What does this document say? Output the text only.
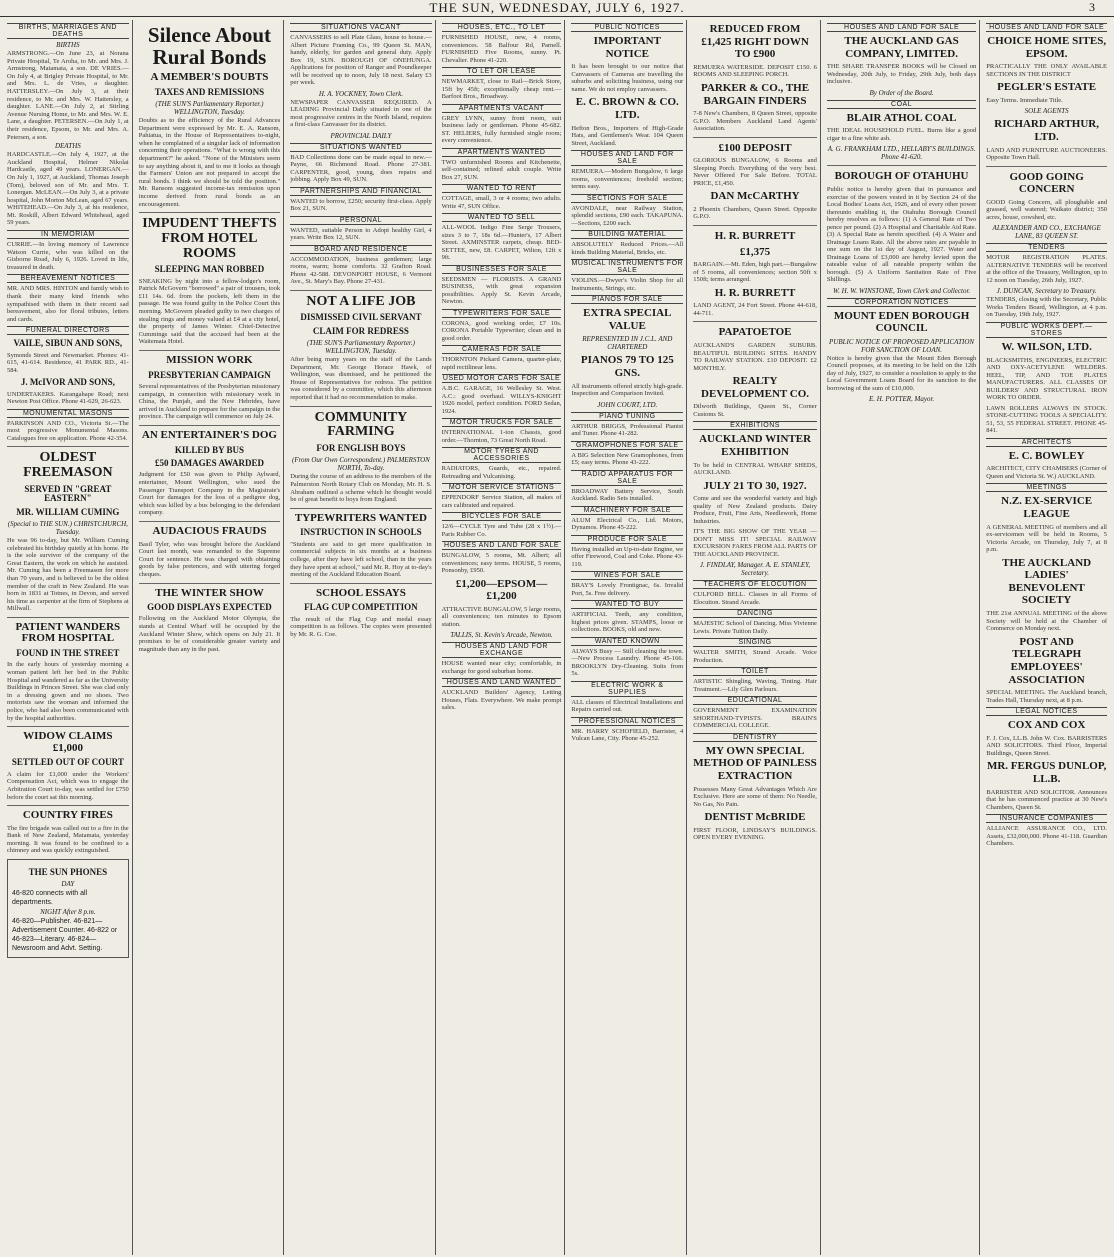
THE SUN, WEDNESDAY, JULY 6, 1927.	3
BIRTHS, MARRIAGES AND DEATHS
BIRTHS
ARMSTRONG.—On June 23, at Norana Private Hospital, Te Aroha, to Mr. and Mrs. J. Armstrong, Matamata, a son. DE VRIES.—On July 4, at Brigley Private Hospital, to Mr. and Mrs. L. de Vries, a daughter. HATTERSLEY.—On July 3, at their residence, to Mr. and Mrs. W. Hattersley, a daughter. LANE.—On July 2, at Stirling Avenue Nursing Home, to Mr. and Mrs. W. E. Lane, a daughter. PETERSEN.—On July 1, at their residence, Epsom, to Mr. and Mrs. A. Petersen, a son.
DEATHS
HARDCASTLE.—On July 4, 1927, at the Auckland Hospital, Helmer Nikolai Hardcastle, aged 49 years. LONERGAN.—On July 1, 1927, at Auckland, Thomas Joseph (Tom), beloved son of Mr. and Mrs. T. Lonergan. McLEAN.—On July 3, at a private hospital, John Morton McLean, aged 67 years. WHITEHEAD.—On July 3, at his residence, Mt. Roskill, Albert Edward Whitehead, aged 59 years.
IN MEMORIAM
CURRIE.—In loving memory of Lawrence Watson Currie, who was killed on the Gisborne Road, July 6, 1926. Loved in life, treasured in death.
BEREAVEMENT NOTICES
MR. AND MRS. HINTON and family wish to thank their many kind friends who sympathised with them in their recent sad bereavement, also for floral tributes, letters and cards.
FUNERAL DIRECTORS
VAILE, SIBUN AND SONS,
Symonds Street and Newmarket. Phones: 41-615, 41-614. Residence, 41 PARK RD., 41-584.
J. McIVOR AND SONS,
UNDERTAKERS. Karangahape Road; next Newton Post Office. Phone 41-629, 26-623.
MONUMENTAL MASONS
PARKINSON AND CO., Victoria St.—The most progressive Monumental Masons. Catalogues free on application. Phone 42-354.
OLDEST FREEMASON
SERVED IN "GREAT EASTERN"
MR. WILLIAM CUMING
(Special to THE SUN.) CHRISTCHURCH, Tuesday.
He was 96 to-day, but Mr. William Cuming celebrated his birthday quietly at his home. He is the sole survivor of the company of the Great Eastern, the work on which he assisted. Mr. Cuming has been a Freemason for more than 70 years, and is believed to be the oldest member of the craft in New Zealand. He was born in 1831 at Totnes, in Devon, and served his time as carpenter at the firm of Stephens at Millwall.
PATIENT WANDERS FROM HOSPITAL
FOUND IN THE STREET
In the early hours of yesterday morning a woman patient left her bed in the Public Hospital and wandered as far as the University Buildings in Princes Street. She was clad only in a dressing gown and no shoes. Two motorists saw the woman and informed the police, who had also been communicated with by the hospital authorities.
WIDOW CLAIMS £1,000
SETTLED OUT OF COURT
A claim for £1,000 under the Workers' Compensation Act, which was to engage the Arbitration Court to-day, was settled for £750 before the court sat this morning.
COUNTRY FIRES
The fire brigade was called out to a fire in the Bank of New Zealand, Matamata, yesterday morning. It was found to be confined to a chimney and was quickly extinguished.
THE SUN PHONES
DAY
46-820 connects with all departments.
NIGHT After 8 p.m.
46-820—Publisher. 46-821—Advertisement Counter. 46-822 or 46-823—Literary. 46-824—Newsroom and Advt. Setting.
Silence About Rural Bonds
A MEMBER'S DOUBTS
TAXES AND REMISSIONS
(THE SUN'S Parliamentary Reporter.) WELLINGTON, Tuesday.
Doubts as to the efficiency of the Rural Advances Department were expressed by Mr. E. A. Ransom, Pahiatua, in the House of Representatives to-night, when he complained of a singular lack of information concerning their operations. "What is wrong with this department?" he asked. "None of the Ministers seem to say anything about it, and to me it looks as though the Farmers' Union are not prepared to accept the rural bonds. I think we should be told the position." Mr. Ransom suggested income-tax remission upon income derived from rural bonds as an encouragement.
IMPUDENT THEFTS FROM HOTEL ROOMS
SLEEPING MAN ROBBED
SNEAKING by night into a fellow-lodger's room, Patrick McGovern "borrowed" a pair of trousers, took £11 14s. 6d. from the pockets, left them in the passage. He was found guilty in the Police Court this morning. McGovern pleaded guilty to two charges of stealing rings and money valued at £4 at a city hotel, the property of James Winter. Chief-Detective Cummings said that the accused had been at the Waitemata Hotel.
MISSION WORK
PRESBYTERIAN CAMPAIGN
Several representatives of the Presbyterian missionary campaign, in connection with missionary work in China, the Punjab, and the New Hebrides, have arrived in Auckland to prepare for the campaign in the province. The campaign will commence on July 24.
AN ENTERTAINER'S DOG
KILLED BY BUS
£50 DAMAGES AWARDED
Judgment for £50 was given to Philip Aylward, entertainer, Mount Wellington, who sued the Passenger Transport Company in the Magistrate's Court for damages for the loss of a pedigree dog, which was killed by a bus belonging to the defendant company.
AUDACIOUS FRAUDS
Basil Tyler, who was brought before the Auckland Court last month, was remanded to the Supreme Court for sentence. He was charged with obtaining goods by false pretences, and with uttering forged cheques.
THE WINTER SHOW
GOOD DISPLAYS EXPECTED
Following on the Auckland Motor Olympia, the stands at Central Wharf will be occupied by the Auckland Winter Show, which opens on July 21. It promises to be of considerable greater variety and magnitude than any in the past.
SITUATIONS VACANT
CANVASSERS to sell Plate Glass, house to house.—Albert Picture Framing Co., 99 Queen St. MAN, handy, elderly, for garden and general duty. Apply Box 19, SUN. BOROUGH OF ONEHUNGA. Applications for position of Ranger and Poundkeeper will be received up to noon, July 18 next. Salary £3 per week.
H. A. YOCKNEY, Town Clerk.
NEWSPAPER CANVASSER REQUIRED. A LEADING Provincial Daily situated in one of the most progressive centres in the North Island, requires a first-class Canvasser for its district.
PROVINCIAL DAILY
SITUATIONS WANTED
BAD Collections done can be made equal to new.—Payne, 66 Richmond Road. Phone 27-381. CARPENTER, good, young, does repairs and jobbing. Apply Box 49, SUN.
PARTNERSHIPS AND FINANCIAL
WANTED to borrow, £250; security first-class. Apply Box 21, SUN.
PERSONAL
WANTED, suitable Person to Adopt healthy Girl, 4 years. Write Box 12, SUN.
BOARD AND RESIDENCE
ACCOMMODATION, business gentlemen; large rooms, warm; home comforts. 32 Grafton Road. Phone 42-588. DEVONPORT HOUSE, 6 Vermont Ave., St. Mary's Bay. Phone 27-431.
NOT A LIFE JOB
DISMISSED CIVIL SERVANT
CLAIM FOR REDRESS
(THE SUN'S Parliamentary Reporter.) WELLINGTON, Tuesday.
After being many years on the staff of the Lands Department, Mr. George Horace Hawk, of Wellington, was dismissed, and he petitioned the House of Representatives for redress. The petition was considered by a committee, which this afternoon reported that it had no recommendation to make.
COMMUNITY FARMING
FOR ENGLISH BOYS
(From Our Own Correspondent.) PALMERSTON NORTH, To-day.
During the course of an address to the members of the Palmerston North Rotary Club on Monday, Mr. H. S. Abraham outlined a scheme which he thought would be of great benefit to boys from England.
TYPEWRITERS WANTED
INSTRUCTION IN SCHOOLS
"Students are said to get more qualification in commercial subjects in six months at a business college, after they have left school, than in the years they have spent at school," said Mr. R. Hoy at to-day's meeting of the Auckland Education Board.
SCHOOL ESSAYS
FLAG CUP COMPETITION
The result of the Flag Cup and medal essay competition is as follows. The copies were presented by Mr. R. G. Coe.
HOUSES, ETC., TO LET
FURNISHED HOUSE, new, 4 rooms, conveniences. 58 Balfour Rd, Parnell. FURNISHED Five Rooms, sunny. Pt. Chevalier. Phone 41-220.
TO LET OR LEASE
NEWMARKET, close to Rail—Brick Store, 15ft by 45ft; exceptionally cheap rent.—Barfoot Bros., Broadway.
APARTMENTS VACANT
GREY LYNN, sunny front room, suit business lady or gentleman. Phone 45-682. ST. HELIERS, fully furnished single room; every convenience.
APARTMENTS WANTED
TWO unfurnished Rooms and Kitchenette, self-contained; refined adult couple. Write Box 27, SUN.
WANTED TO RENT
COTTAGE, small, 3 or 4 rooms; two adults. Write 47, SUN Office.
WANTED TO SELL
ALL-WOOL Indigo Fine Serge Trousers, sizes 3 to 7, 18s 6d.—Hunter's, 17 Albert Street. AXMINSTER carpets, cheap. BED-SETTEE, new, £8. CARPET, Wilton, 12ft x 9ft.
BUSINESSES FOR SALE
SEEDSMEN — FLORISTS. A GRAND BUSINESS, with great expansion possibilities. Apply St. Kevin Arcade, Newton.
TYPEWRITERS FOR SALE
CORONA, good working order, £7 10s. CORONA Portable Typewriter; clean and in good order.
CAMERAS FOR SALE
THORNTON Pickard Camera, quarter-plate, rapid rectilinear lens.
USED MOTOR CARS FOR SALE
A.B.C. GARAGE, 16 Wellesley St. West. A.C.: good overhaul. WILLYS-KNIGHT 1926 model, perfect condition. FORD Sedan, 1924.
MOTOR TRUCKS FOR SALE
INTERNATIONAL 1-ton Chassis, good order.—Thornton, 73 Great North Road.
MOTOR TYRES AND ACCESSORIES
RADIATORS, Guards, etc., repaired. Retreading and Vulcanising.
MOTOR SERVICE STATIONS
EPPENDORF Service Station, all makes of cars calibrated and repaired.
BICYCLES FOR SALE
12/6—CYCLE Tyre and Tube (28 x 1½).—Paris Rubber Co.
HOUSES AND LAND FOR SALE
BUNGALOW, 5 rooms, Mt. Albert; all conveniences; easy terms. HOUSE, 5 rooms, Ponsonby, £950.
£1,200—EPSOM—£1,200
ATTRACTIVE BUNGALOW, 5 large rooms, all conveniences; ten minutes to Epsom station.
TALLIS, St. Kevin's Arcade, Newton.
HOUSES AND LAND FOR EXCHANGE
HOUSE wanted near city; comfortable, in exchange for good suburban home.
HOUSES AND LAND WANTED
AUCKLAND Builders' Agency, Letting Houses, Flats. Everywhere. We make prompt sales.
PUBLIC NOTICES
IMPORTANT NOTICE
It has been brought to our notice that Canvassers of Cameras are travelling the suburbs and soliciting business, using our name. We do not employ canvassers.
E. C. BROWN & CO. LTD.
Hefton Bros., Importers of High-Grade Hats, and Gentlemen's Wear. 104 Queen Street, Auckland.
HOUSES AND LAND FOR SALE
REMUERA.—Modern Bungalow, 6 large rooms, conveniences; freehold section; terms easy.
SECTIONS FOR SALE
AVONDALE, near Railway Station, splendid sections, £90 each. TAKAPUNA.—Sections, £200 each.
BUILDING MATERIAL
ABSOLUTELY Reduced Prices.—All kinds Building Material, Bricks, etc.
MUSICAL INSTRUMENTS FOR SALE
VIOLINS.—Dwyer's Violin Shop for all Instruments, Strings, etc.
PIANOS FOR SALE
EXTRA SPECIAL VALUE
REPRESENTED IN J.C.L. AND CHARTERED
PIANOS 79 TO 125 GNS.
All instruments offered strictly high-grade. Inspection and Comparison Invited.
JOHN COURT, LTD.
PIANO TUNING
ARTHUR BRIGGS, Professional Pianist and Tuner. Phone 41-282.
GRAMOPHONES FOR SALE
A BIG Selection New Gramophones, from £5; easy terms. Phone 43-222.
RADIO APPARATUS FOR SALE
BROADWAY Battery Service, South Auckland. Radio Sets installed.
MACHINERY FOR SALE
ALUM Electrical Co., Ltd. Motors, Dynamos. Phone 45-222.
PRODUCE FOR SALE
Having installed an Up-to-date Engine, we offer Firewood, Coal and Coke. Phone 43-119.
WINES FOR SALE
BRAY'S Lovely Frontignac, 6s. Invalid Port, 5s. Free delivery.
WANTED TO BUY
ARTIFICIAL Teeth, any condition, highest prices given. STAMPS, loose or collections. BOOKS, old and new.
WANTED KNOWN
ALWAYS Busy — Still cleaning the town.—New Process Laundry. Phone 45-166. BROOKLYN Dry-Cleaning. Suits from 5s.
ELECTRIC WORK & SUPPLIES
ALL classes of Electrical Installations and Repairs carried out.
PROFESSIONAL NOTICES
MR. HARRY SCHOFIELD, Barrister, 4 Vulcan Lane, City. Phone 45-252.
REDUCED FROM £1,425 RIGHT DOWN TO £900
REMUERA WATERSIDE. DEPOSIT £150. 6 ROOMS AND SLEEPING PORCH.
PARKER & CO., THE BARGAIN FINDERS
7-8 New's Chambers, 8 Queen Street, opposite G.P.O. Members Auckland Land Agents' Association.
£100 DEPOSIT
GLORIOUS BUNGALOW, 6 Rooms and Sleeping Porch. Everything of the very best. Never Offered For Sale Before. TOTAL PRICE, £1,450.
DAN McCARTHY
2 Phoenix Chambers, Queen Street. Opposite G.P.O.
H. R. BURRETT
£1,375
BARGAIN.—Mt. Eden, high part.—Bungalow of 5 rooms, all conveniences; section 50ft x 150ft; terms arranged.
H. R. BURRETT
LAND AGENT, 24 Fort Street. Phone 44-618, 44-711.
PAPATOETOE
AUCKLAND'S GARDEN SUBURB. BEAUTIFUL BUILDING SITES. HANDY TO RAILWAY STATION. £10 DEPOSIT. £2 MONTHLY.
REALTY DEVELOPMENT CO.
Dilworth Buildings, Queen St., Corner Customs St.
EXHIBITIONS
AUCKLAND WINTER EXHIBITION
To be held in CENTRAL WHARF SHEDS, AUCKLAND.
JULY 21 TO 30, 1927.
Come and see the wonderful variety and high quality of New Zealand products. Dairy Produce, Fruit, Fine Arts, Needlework, Home Industries.
IT'S THE BIG SHOW OF THE YEAR — DON'T MISS IT! SPECIAL RAILWAY EXCURSION FARES FROM ALL PARTS OF THE AUCKLAND PROVINCE.
J. FINDLAY, Manager. A. E. STANLEY, Secretary.
TEACHERS OF ELOCUTION
CULFORD BELL. Classes in all Forms of Elocution. Strand Arcade.
DANCING
MAJESTIC School of Dancing. Miss Vivienne Lewis. Private Tuition Daily.
SINGING
WALTER SMITH, Strand Arcade. Voice Production.
TOILET
ARTISTIC Shingling, Waving, Tinting. Hair Treatment.—Lily Glen Parlours.
EDUCATIONAL
GOVERNMENT EXAMINATION SHORTHAND-TYPISTS. BRAIN'S COMMERCIAL COLLEGE.
DENTISTRY
MY OWN SPECIAL METHOD OF PAINLESS EXTRACTION
Possesses Many Great Advantages Which Are Exclusive. Here are some of them: No Needle, No Gas, No Pain.
DENTIST McBRIDE
FIRST FLOOR, LINDSAY'S BUILDINGS. OPEN EVERY EVENING.
HOUSES AND LAND FOR SALE
THE AUCKLAND GAS COMPANY, LIMITED.
THE SHARE TRANSFER BOOKS will be Closed on Wednesday, 20th July, to Friday, 29th July, both days inclusive.
By Order of the Board.
COAL
BLAIR ATHOL COAL
THE IDEAL HOUSEHOLD FUEL. Burns like a good cigar to a fine white ash.
A. G. FRANKHAM LTD., HELLABY'S BUILDINGS. Phone 41-620.
BOROUGH OF OTAHUHU
Public notice is hereby given that in pursuance and exercise of the powers vested in it by Section 24 of the Local Bodies' Loans Act, 1926, and of every other power thereunto enabling it, the Otahuhu Borough Council hereby resolves as follows: (1) A General Rate of Two pence per pound. (2) A Hospital and Charitable Aid Rate. (3) A Special Rate as herein specified. (4) A Water and Drainage Loans Rate. All the above rates are payable in one sum on the 1st day of August, 1927. Water and Drainage Loans of £3,000 are hereby levied upon the rateable value of all rateable property within the borough. (5) A Uniform Sanitation Rate of Five Shillings.
W. H. W. WINSTONE, Town Clerk and Collector.
CORPORATION NOTICES
MOUNT EDEN BOROUGH COUNCIL
PUBLIC NOTICE OF PROPOSED APPLICATION FOR SANCTION OF LOAN.
Notice is hereby given that the Mount Eden Borough Council proposes, at its meeting to be held on the 12th day of July, 1927, to consider a resolution to apply to the Local Government Loans Board for its sanction to the borrowing of the sum of £10,000.
E. H. POTTER, Mayor.
HOUSES AND LAND FOR SALE
CHOICE HOME SITES, EPSOM.
PRACTICALLY THE ONLY AVAILABLE SECTIONS IN THE DISTRICT
PEGLER'S ESTATE
Easy Terms. Immediate Title.
SOLE AGENTS
RICHARD ARTHUR, LTD.
LAND AND FURNITURE AUCTIONEERS. Opposite Town Hall.
GOOD GOING CONCERN
GOOD Going Concern, all ploughable and grassed, well watered; Waikato district; 350 acres, house, cowshed, etc.
ALEXANDER AND CO., EXCHANGE LANE, 83 QUEEN ST.
TENDERS
MOTOR REGISTRATION PLATES. ALTERNATIVE TENDERS will be received at the office of the Treasury, Wellington, up to 12 noon on Tuesday, 26th July, 1927.
J. DUNCAN, Secretary to Treasury.
TENDERS, closing with the Secretary, Public Works Tenders Board, Wellington, at 4 p.m. on Tuesday, 19th July, 1927.
PUBLIC WORKS DEPT.—STORES
W. WILSON, LTD.
BLACKSMITHS, ENGINEERS, ELECTRIC AND OXY-ACETYLENE WELDERS. HEEL, TIP, AND TOE PLATES MANUFACTURERS. ALL CLASSES OF BUILDERS' AND STRUCTURAL IRON WORK TO ORDER.
LAWN ROLLERS ALWAYS IN STOCK. STONE-CUTTING TOOLS A SPECIALITY. 51, 53, 55 FEDERAL STREET. PHONE 45-841.
ARCHITECTS
E. C. BOWLEY
ARCHITECT, CITY CHAMBERS (Corner of Queen and Victoria St. W.) AUCKLAND.
MEETINGS
N.Z. EX-SERVICE LEAGUE
A GENERAL MEETING of members and all ex-servicemen will be held in Rooms, 5 Victoria Arcade, on Thursday, July 7, at 8 p.m.
THE AUCKLAND LADIES' BENEVOLENT SOCIETY
THE 21st ANNUAL MEETING of the above Society will be held at the Chamber of Commerce on Monday next.
POST AND TELEGRAPH EMPLOYEES' ASSOCIATION
SPECIAL MEETING. The Auckland branch, Trades Hall, Thursday next, at 8 p.m.
LEGAL NOTICES
COX AND COX
F. J. Cox, LL.B. John W. Cox. BARRISTERS AND SOLICITORS. Third Floor, Imperial Buildings, Queen Street.
MR. FERGUS DUNLOP, LL.B.
BARRISTER AND SOLICITOR. Announces that he has commenced practice at 30 New's Chambers, Queen St.
INSURANCE COMPANIES
ALLIANCE ASSURANCE CO., LTD. Assets, £32,000,000. Phone 41-118. Guardian Chambers.
